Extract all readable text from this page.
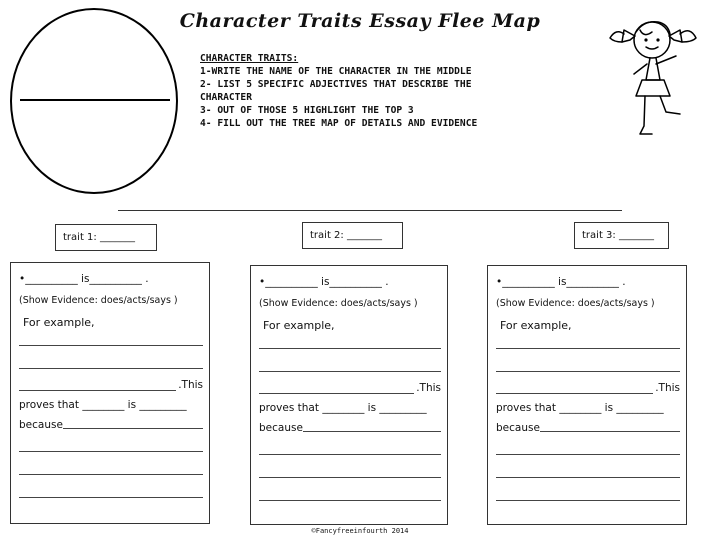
Character Traits Essay Flee Map
CHARACTER TRAITS:
1-WRITE THE NAME OF THE CHARACTER IN THE MIDDLE
2- LIST 5 SPECIFIC ADJECTIVES THAT DESCRIBE THE
CHARACTER
3- OUT OF THOSE 5 HIGHLIGHT THE TOP 3
4- FILL OUT THE TREE MAP OF DETAILS AND EVIDENCE
trait 1: _______	trait 2: _______	trait 3: _______
•__________ is__________ .
(Show Evidence: does/acts/says )
For example,
.This
proves that ________ is _________
because
•__________ is__________ .
(Show Evidence: does/acts/says )
For example,
.This
proves that ________ is _________
because
•__________ is__________ .
(Show Evidence: does/acts/says )
For example,
.This
proves that ________ is _________
because
©Fancyfreeinfourth 2014
